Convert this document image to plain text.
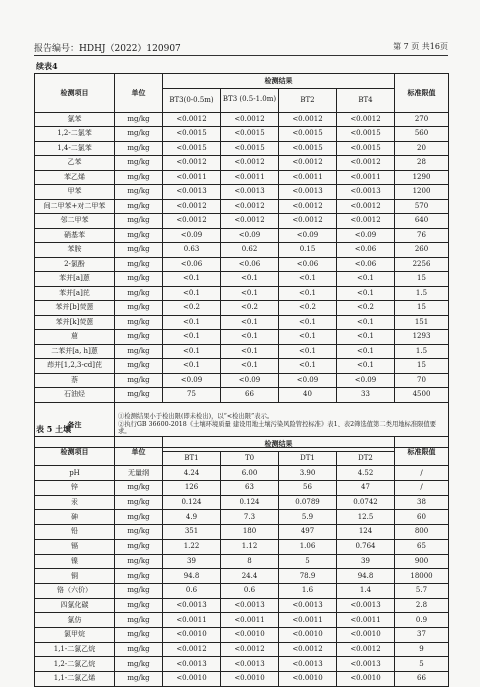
报告编号：HDHJ（2022）120907	第 7 页 共16页
续表4
检测项目	单位	检测结果				标准限值
		BT3(0-0.5m)	BT3 (0.5-1.0m)	BT2	BT4	
氯苯	mg/kg	<0.0012	<0.0012	<0.0012	<0.0012	270
1,2-二氯苯	mg/kg	<0.0015	<0.0015	<0.0015	<0.0015	560
1,4-二氯苯	mg/kg	<0.0015	<0.0015	<0.0015	<0.0015	20
乙苯	mg/kg	<0.0012	<0.0012	<0.0012	<0.0012	28
苯乙烯	mg/kg	<0.0011	<0.0011	<0.0011	<0.0011	1290
甲苯	mg/kg	<0.0013	<0.0013	<0.0013	<0.0013	1200
间二甲苯+对二甲苯	mg/kg	<0.0012	<0.0012	<0.0012	<0.0012	570
邻二甲苯	mg/kg	<0.0012	<0.0012	<0.0012	<0.0012	640
硝基苯	mg/kg	<0.09	<0.09	<0.09	<0.09	76
苯胺	mg/kg	0.63	0.62	0.15	<0.06	260
2-氯酚	mg/kg	<0.06	<0.06	<0.06	<0.06	2256
苯并[a]蒽	mg/kg	<0.1	<0.1	<0.1	<0.1	15
苯并[a]芘	mg/kg	<0.1	<0.1	<0.1	<0.1	1.5
苯并[b]荧蒽	mg/kg	<0.2	<0.2	<0.2	<0.2	15
苯并[k]荧蒽	mg/kg	<0.1	<0.1	<0.1	<0.1	151
䓛	mg/kg	<0.1	<0.1	<0.1	<0.1	1293
二苯并[a, h]蒽	mg/kg	<0.1	<0.1	<0.1	<0.1	1.5
茚并[1,2,3-cd]芘	mg/kg	<0.1	<0.1	<0.1	<0.1	15
萘	mg/kg	<0.09	<0.09	<0.09	<0.09	70
石油烃	mg/kg	75	66	40	33	4500
备注	①检测结果小于检出限(即未检出)，以“<检出限”表示。
②执行GB 36600-2018《土壤环境质量 建设用地土壤污染风险管控标准》表1、表2筛选值第二类用地标准限值要求。					
表 5 土壤
检测项目	单位	检测结果				标准限值
		BT1	T0	DT1	DT2	
pH	无量纲	4.24	6.00	3.90	4.52	/
锌	mg/kg	126	63	56	47	/
汞	mg/kg	0.124	0.124	0.0789	0.0742	38
砷	mg/kg	4.9	7.3	5.9	12.5	60
铅	mg/kg	351	180	497	124	800
镉	mg/kg	1.22	1.12	1.06	0.764	65
镍	mg/kg	39	8	5	39	900
铜	mg/kg	94.8	24.4	78.9	94.8	18000
铬（六价）	mg/kg	0.6	0.6	1.6	1.4	5.7
四氯化碳	mg/kg	<0.0013	<0.0013	<0.0013	<0.0013	2.8
氯仿	mg/kg	<0.0011	<0.0011	<0.0011	<0.0011	0.9
氯甲烷	mg/kg	<0.0010	<0.0010	<0.0010	<0.0010	37
1,1-二氯乙烷	mg/kg	<0.0012	<0.0012	<0.0012	<0.0012	9
1,2-二氯乙烷	mg/kg	<0.0013	<0.0013	<0.0013	<0.0013	5
1,1-二氯乙烯	mg/kg	<0.0010	<0.0010	<0.0010	<0.0010	66
